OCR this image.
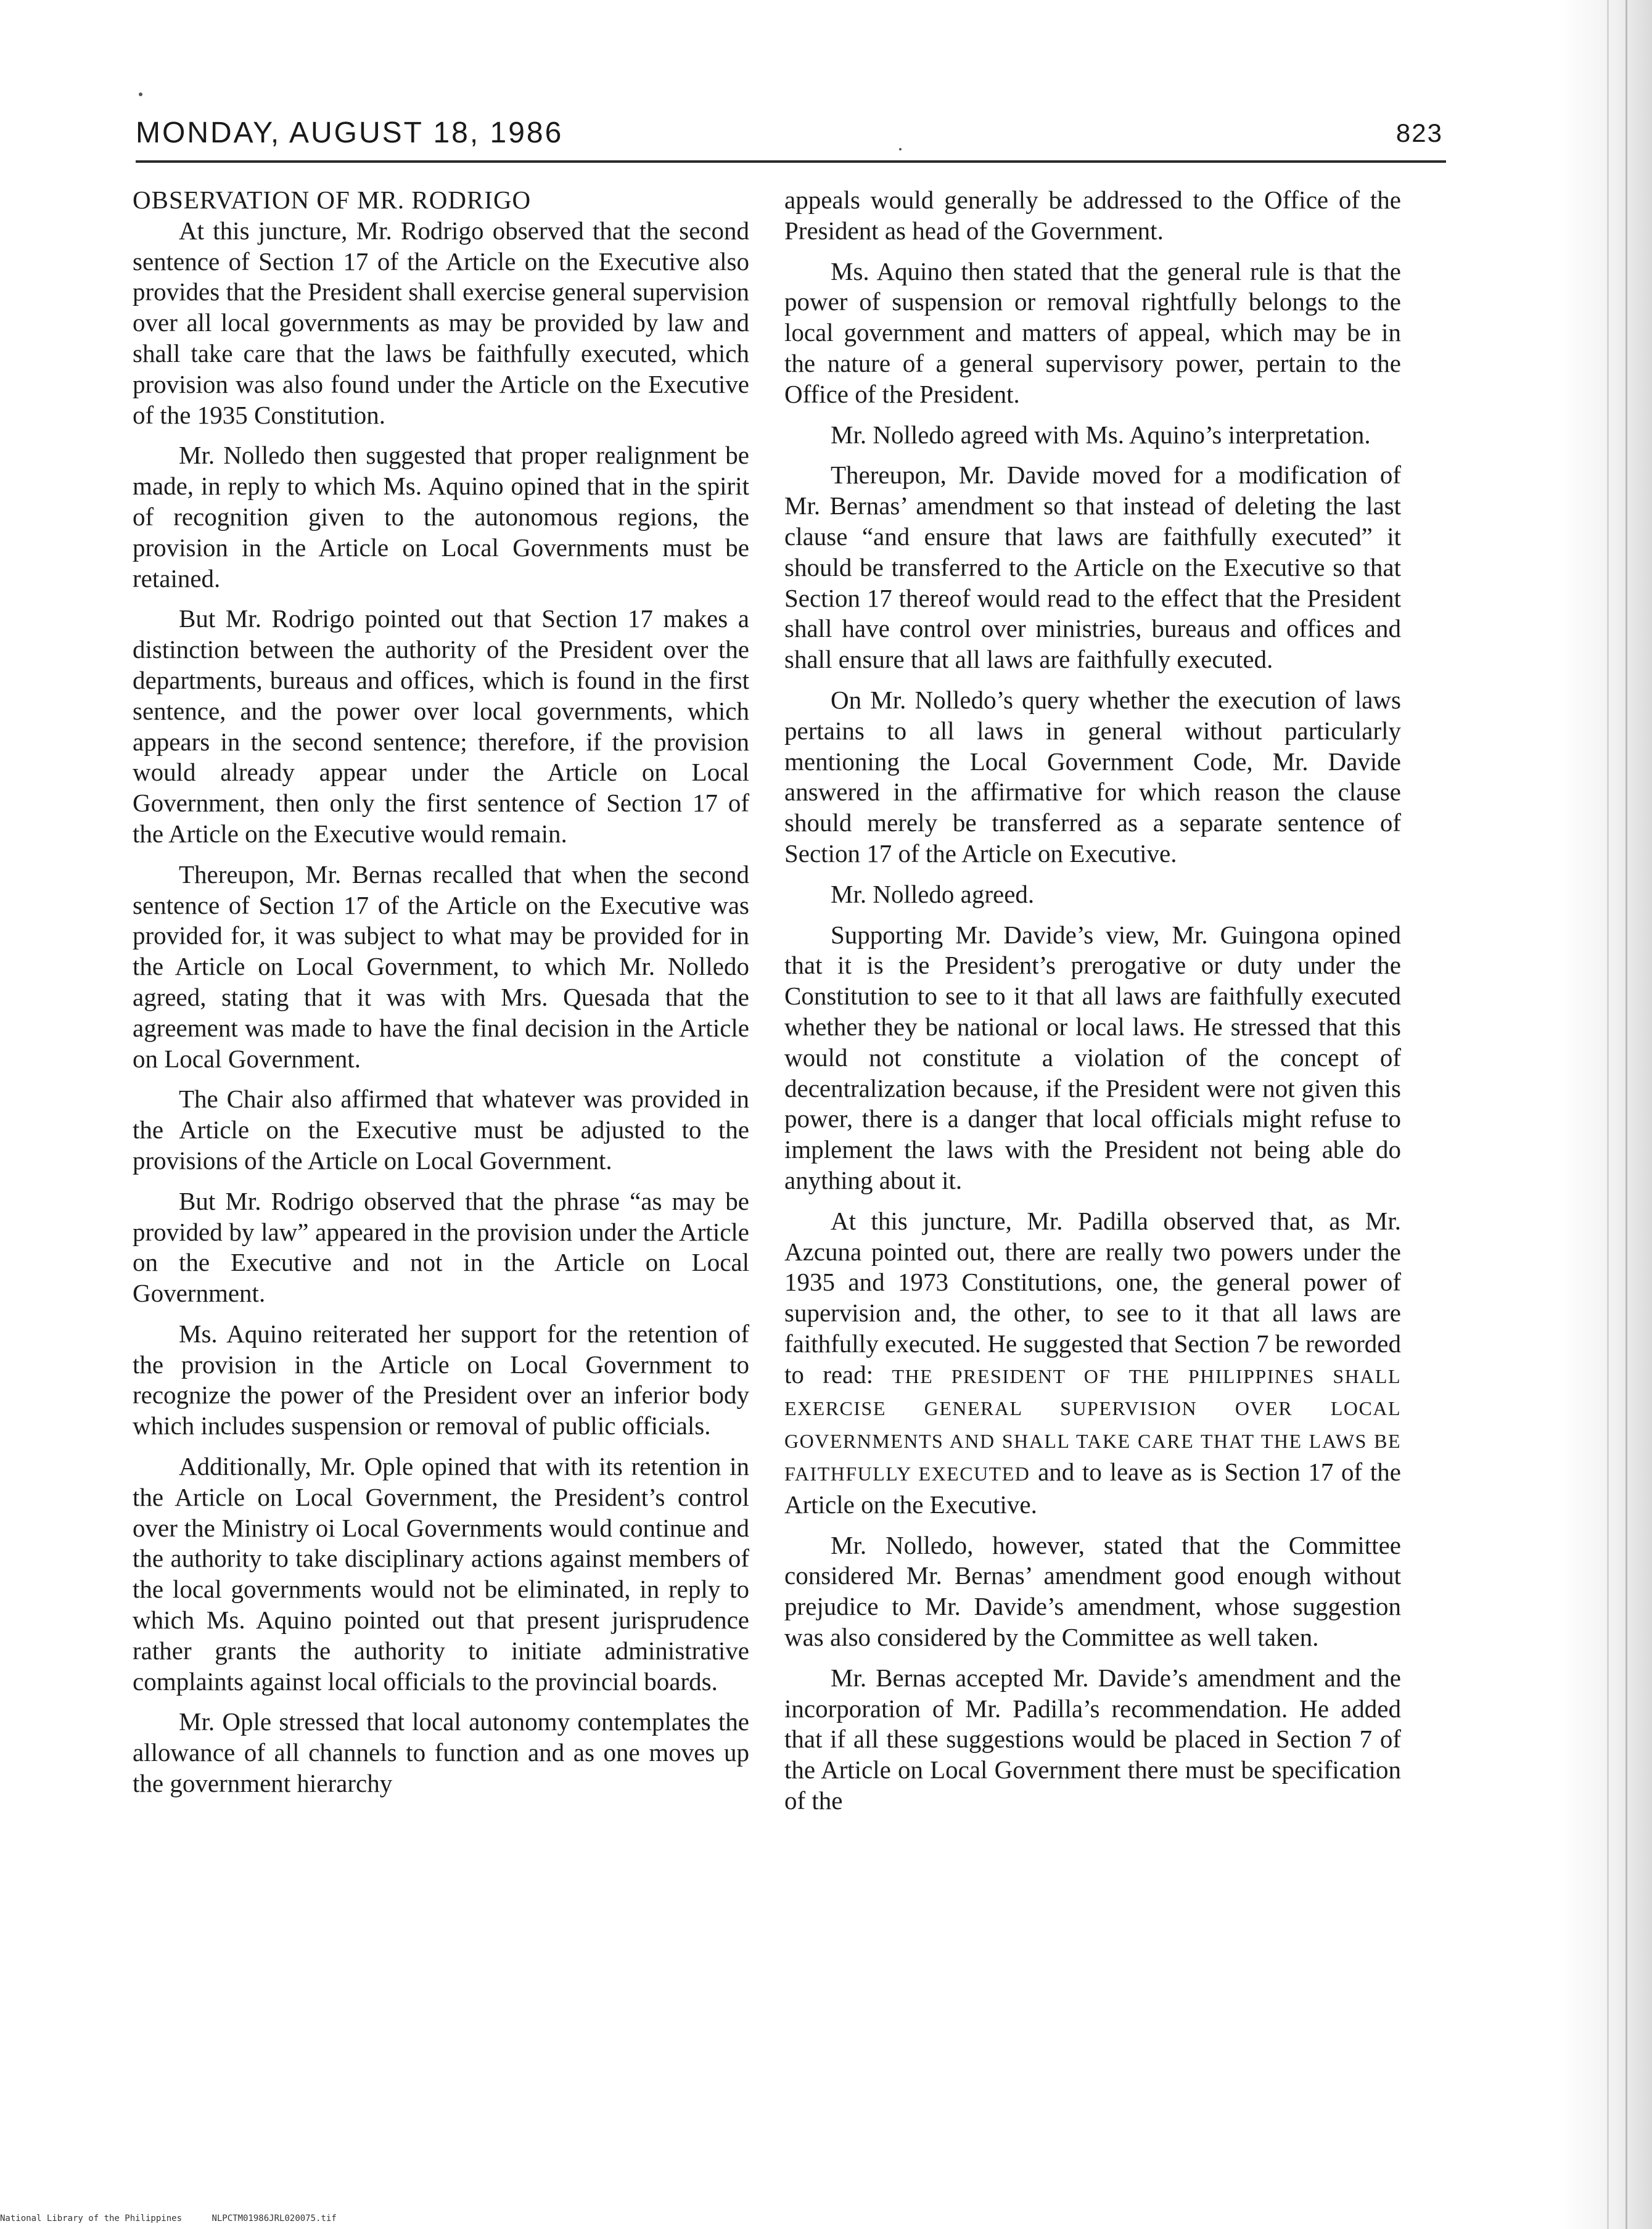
MONDAY, AUGUST 18, 1986	823
OBSERVATION OF MR. RODRIGO

At this juncture, Mr. Rodrigo observed that the second sentence of Section 17 of the Article on the Executive also provides that the President shall exercise general supervision over all local governments as may be provided by law and shall take care that the laws be faithfully executed, which provision was also found under the Article on the Executive of the 1935 Constitution.

Mr. Nolledo then suggested that proper realignment be made, in reply to which Ms. Aquino opined that in the spirit of recognition given to the autonomous regions, the provision in the Article on Local Governments must be retained.

But Mr. Rodrigo pointed out that Section 17 makes a distinction between the authority of the President over the departments, bureaus and offices, which is found in the first sentence, and the power over local governments, which appears in the second sentence; therefore, if the provision would already appear under the Article on Local Government, then only the first sentence of Section 17 of the Article on the Executive would remain.

Thereupon, Mr. Bernas recalled that when the second sentence of Section 17 of the Article on the Executive was provided for, it was subject to what may be provided for in the Article on Local Government, to which Mr. Nolledo agreed, stating that it was with Mrs. Quesada that the agreement was made to have the final decision in the Article on Local Government.

The Chair also affirmed that whatever was provided in the Article on the Executive must be adjusted to the provisions of the Article on Local Government.

But Mr. Rodrigo observed that the phrase “as may be provided by law” appeared in the provision under the Article on the Executive and not in the Article on Local Government.

Ms. Aquino reiterated her support for the retention of the provision in the Article on Local Government to recognize the power of the President over an inferior body which includes suspension or removal of public officials.

Additionally, Mr. Ople opined that with its retention in the Article on Local Government, the President’s control over the Ministry oi Local Governments would continue and the authority to take disciplinary actions against members of the local governments would not be eliminated, in reply to which Ms. Aquino pointed out that present jurisprudence rather grants the authority to initiate administrative complaints against local officials to the provincial boards.

Mr. Ople stressed that local autonomy contemplates the allowance of all channels to function and as one moves up the government hierarchy

appeals would generally be addressed to the Office of the President as head of the Government.

Ms. Aquino then stated that the general rule is that the power of suspension or removal rightfully belongs to the local government and matters of appeal, which may be in the nature of a general supervisory power, pertain to the Office of the President.

Mr. Nolledo agreed with Ms. Aquino’s interpretation.

Thereupon, Mr. Davide moved for a modification of Mr. Bernas’ amendment so that instead of deleting the last clause “and ensure that laws are faithfully executed” it should be transferred to the Article on the Executive so that Section 17 thereof would read to the effect that the President shall have control over ministries, bureaus and offices and shall ensure that all laws are faithfully executed.

On Mr. Nolledo’s query whether the execution of laws pertains to all laws in general without particularly mentioning the Local Government Code, Mr. Davide answered in the affirmative for which reason the clause should merely be transferred as a separate sentence of Section 17 of the Article on Executive.

Mr. Nolledo agreed.

Supporting Mr. Davide’s view, Mr. Guingona opined that it is the President’s prerogative or duty under the Constitution to see to it that all laws are faithfully executed whether they be national or local laws. He stressed that this would not constitute a violation of the concept of decentralization because, if the President were not given this power, there is a danger that local officials might refuse to implement the laws with the President not being able do anything about it.

At this juncture, Mr. Padilla observed that, as Mr. Azcuna pointed out, there are really two powers under the 1935 and 1973 Constitutions, one, the general power of supervision and, the other, to see to it that all laws are faithfully executed. He suggested that Section 7 be reworded to read: THE PRESIDENT OF THE PHILIPPINES SHALL EXERCISE GENERAL SUPERVISION OVER LOCAL GOVERNMENTS AND SHALL TAKE CARE THAT THE LAWS BE FAITHFULLY EXECUTED and to leave as is Section 17 of the Article on the Executive.

Mr. Nolledo, however, stated that the Committee considered Mr. Bernas’ amendment good enough without prejudice to Mr. Davide’s amendment, whose suggestion was also considered by the Committee as well taken.

Mr. Bernas accepted Mr. Davide’s amendment and the incorporation of Mr. Padilla’s recommendation. He added that if all these suggestions would be placed in Section 7 of the Article on Local Government there must be specification of the

National Library of the Philippines	NLPCTM01986JRL020075.tif
